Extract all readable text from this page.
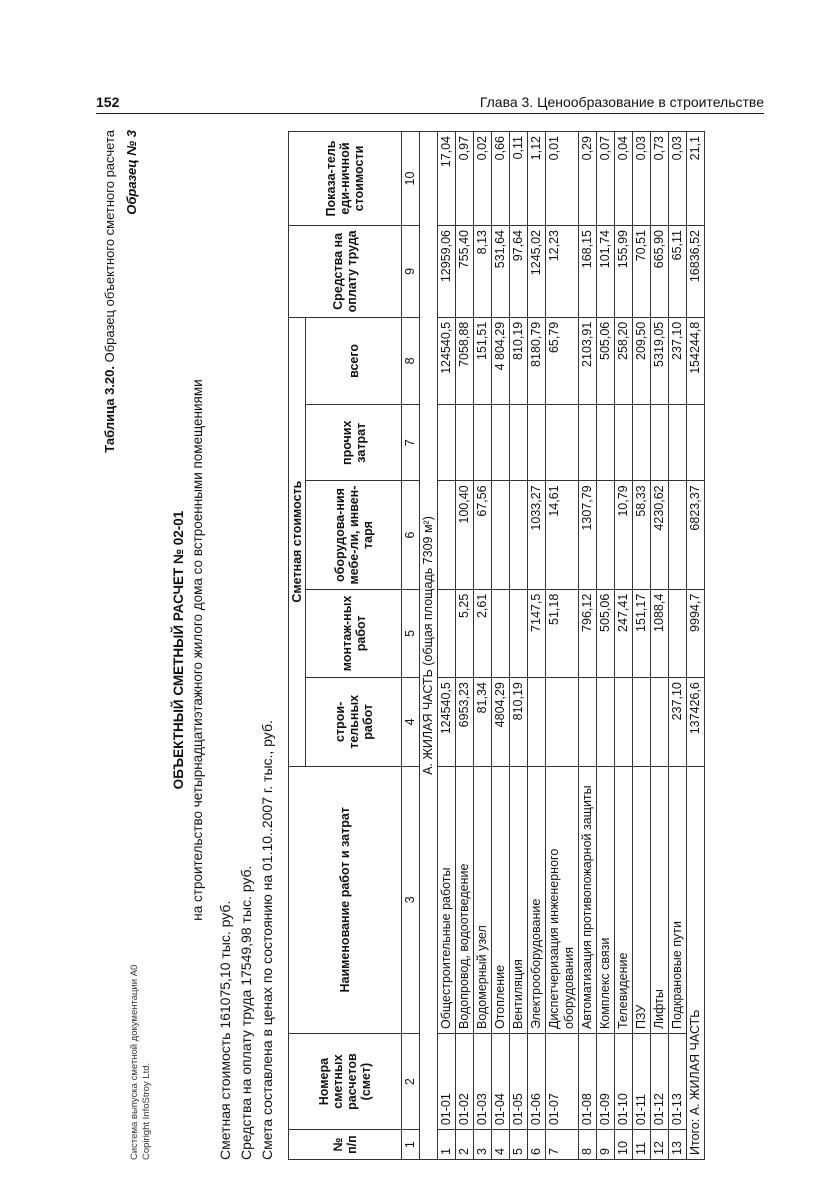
152	Глава 3. Ценообразование в строительстве
Система выпуска сметной документации А0 Copiright InfoStroy Ltd.
Таблица 3.20. Образец объектного сметного расчета Образец № 3
ОБЪЕКТНЫЙ СМЕТНЫЙ РАСЧЕТ № 02-01 на строительство четырнадцатиэтажного жилого дома со встроенными помещениями
Сметная стоимость 161075,10 тыс. руб. Средства на оплату труда 17549,98 тыс. руб. Смета составлена в ценах по состоянию на 01.10..2007 г. тыс., руб.	№ п/п	Номера сметных расчетов (смет)	Наименование работ и затрат	Сметная стоимость					Средства на оплату труда	Показа-тель еди-ничной стоимости
			строи-тельных работ	монтаж-ных работ	оборудова-ния мебе-ли, инвен-таря	прочих затрат	всего		
1	2	3	4	5	6	7	8	9	10
А. ЖИЛАЯ ЧАСТЬ (общая площадь 7309 м²)									
1	01-01	Общестроительные работы	124540,5				124540,5	12959,06	17,04
2	01-02	Водопровод, водоотведение	6953,23	5,25	100,40		7058,88	755,40	0,97
3	01-03	Водомерный узел	81,34	2,61	67,56		151,51	8,13	0,02
4	01-04	Отопление	4804,29				4 804,29	531,64	0,66
5	01-05	Вентиляция	810,19				810,19	97,64	0,11
6	01-06	Электрооборудование		7147,5	1033,27		8180,79	1245,02	1,12
7	01-07	Диспетчеризация инженерного оборудования		51,18	14,61		65,79	12,23	0,01
8	01-08	Автоматизация противопожарной защиты		796,12	1307,79		2103,91	168,15	0,29
9	01-09	Комплекс связи		505,06			505,06	101,74	0,07
10	01-10	Телевидение		247,41	10,79		258,20	155,99	0,04
11	01-11	ПЗУ		151,17	58,33		209,50	70,51	0,03
12	01-12	Лифты		1088,4	4230,62		5319,05	665,90	0,73
13	01-13	Подкрановые пути	237,10				237,10	65,11	0,03
Итого: А. ЖИЛАЯ ЧАСТЬ			137426,6	9994,7	6823,37		154244,8	16836,52	21,1
